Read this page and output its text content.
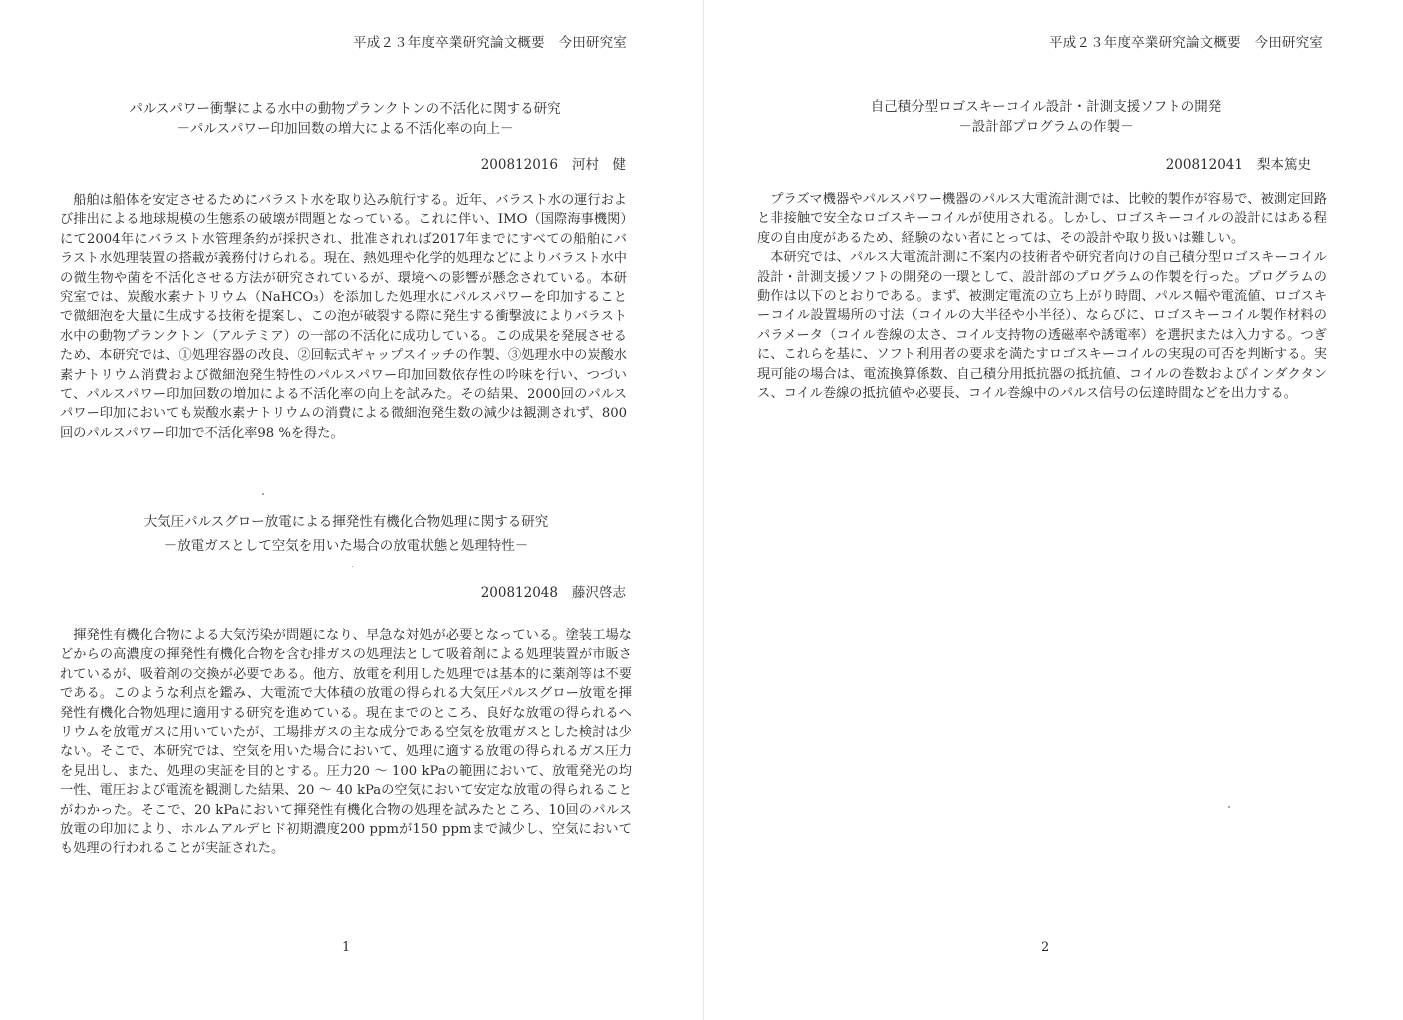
平成２３年度卒業研究論文概要　今田研究室
パルスパワー衝撃による水中の動物プランクトンの不活化に関する研究
－パルスパワー印加回数の増大による不活化率の向上－
200812016 河村　健

船舶は船体を安定させるためにバラスト水を取り込み航行する。近年、バラスト水の運行および排出による地球規模の生態系の破壊が問題となっている。これに伴い、IMO（国際海事機関）にて2004年にバラスト水管理条約が採択され、批准されれば2017年までにすべての船舶にバラスト水処理装置の搭載が義務付けられる。現在、熱処理や化学的処理などによりバラスト水中の微生物や菌を不活化させる方法が研究されているが、環境への影響が懸念されている。本研究室では、炭酸水素ナトリウム（NaHCO₃）を添加した処理水にパルスパワーを印加することで微細泡を大量に生成する技術を提案し、この泡が破裂する際に発生する衝撃波によりバラスト水中の動物プランクトン（アルテミア）の一部の不活化に成功している。この成果を発展させるため、本研究では、①処理容器の改良、②回転式ギャップスイッチの作製、③処理水中の炭酸水素ナトリウム消費および微細泡発生特性のパルスパワー印加回数依存性の吟味を行い、つづいて、パルスパワー印加回数の増加による不活化率の向上を試みた。その結果、2000回のパルスパワー印加においても炭酸水素ナトリウムの消費による微細泡発生数の減少は観測されず、800回のパルスパワー印加で不活化率98 %を得た。

大気圧パルスグロー放電による揮発性有機化合物処理に関する研究
－放電ガスとして空気を用いた場合の放電状態と処理特性－
200812048 藤沢啓志

揮発性有機化合物による大気汚染が問題になり、早急な対処が必要となっている。塗装工場などからの高濃度の揮発性有機化合物を含む排ガスの処理法として吸着剤による処理装置が市販されているが、吸着剤の交換が必要である。他方、放電を利用した処理では基本的に薬剤等は不要である。このような利点を鑑み、大電流で大体積の放電の得られる大気圧パルスグロー放電を揮発性有機化合物処理に適用する研究を進めている。現在までのところ、良好な放電の得られるヘリウムを放電ガスに用いていたが、工場排ガスの主な成分である空気を放電ガスとした検討は少ない。そこで、本研究では、空気を用いた場合において、処理に適する放電の得られるガス圧力を見出し、また、処理の実証を目的とする。圧力20 ～ 100 kPaの範囲において、放電発光の均一性、電圧および電流を観測した結果、20 ～ 40 kPaの空気において安定な放電の得られることがわかった。そこで、20 kPaにおいて揮発性有機化合物の処理を試みたところ、10回のパルス放電の印加により、ホルムアルデヒド初期濃度200 ppmが150 ppmまで減少し、空気においても処理の行われることが実証された。

1
平成２３年度卒業研究論文概要　今田研究室
自己積分型ロゴスキーコイル設計・計測支援ソフトの開発
－設計部プログラムの作製－
200812041 梨本篤史

プラズマ機器やパルスパワー機器のパルス大電流計測では、比較的製作が容易で、被測定回路と非接触で安全なロゴスキーコイルが使用される。しかし、ロゴスキーコイルの設計にはある程度の自由度があるため、経験のない者にとっては、その設計や取り扱いは難しい。

本研究では、パルス大電流計測に不案内の技術者や研究者向けの自己積分型ロゴスキーコイル設計・計測支援ソフトの開発の一環として、設計部のプログラムの作製を行った。プログラムの動作は以下のとおりである。まず、被測定電流の立ち上がり時間、パルス幅や電流値、ロゴスキーコイル設置場所の寸法（コイルの大半径や小半径）、ならびに、ロゴスキーコイル製作材料のパラメータ（コイル巻線の太さ、コイル支持物の透磁率や誘電率）を選択または入力する。つぎに、これらを基に、ソフト利用者の要求を満たすロゴスキーコイルの実現の可否を判断する。実現可能の場合は、電流換算係数、自己積分用抵抗器の抵抗値、コイルの巻数およびインダクタンス、コイル巻線の抵抗値や必要長、コイル巻線中のパルス信号の伝達時間などを出力する。

2
